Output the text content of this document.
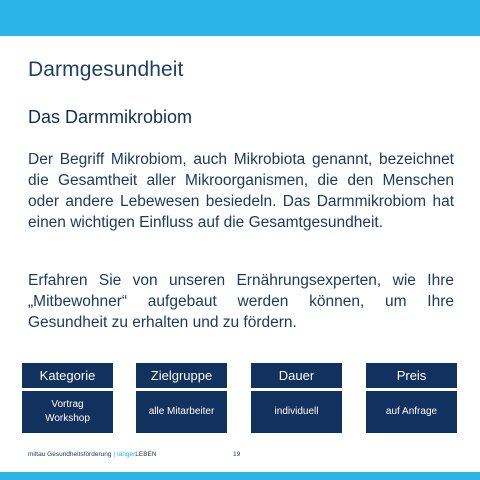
Darmgesundheit
Das Darmmikrobiom
Der Begriff Mikrobiom, auch Mikrobiota genannt, bezeichnet die Gesamtheit aller Mikroorganismen, die den Menschen oder andere Lebewesen besiedeln. Das Darmmikrobiom hat einen wichtigen Einfluss auf die Gesamtgesundheit.
Erfahren Sie von unseren Ernährungsexperten, wie Ihre „Mitbewohner“ aufgebaut werden können, um Ihre Gesundheit zu erhalten und zu fördern.
Kategorie
Vortrag
Workshop
Zielgruppe
alle Mitarbeiter
Dauer
individuell
Preis
auf Anfrage
miltau Gesundheitsförderung | längerLEBEN	19
